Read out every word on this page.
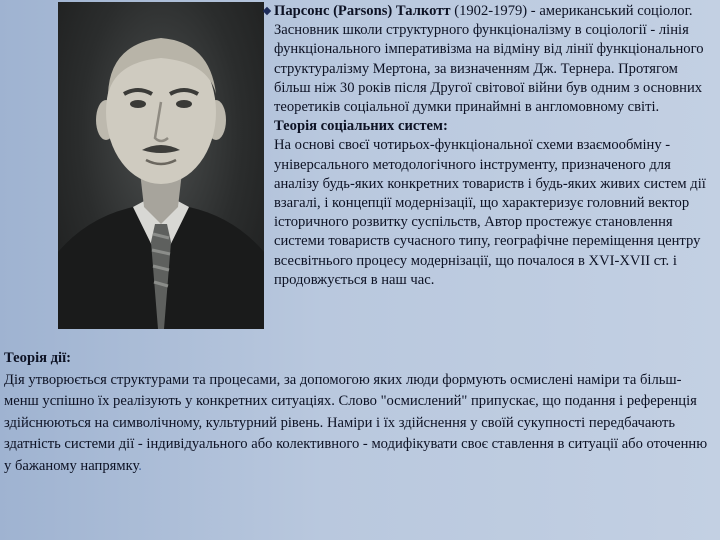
Парсонс (Parsons) Талкотт (1902-1979) - американський соціолог. Засновник школи структурного функціоналізму в соціології - лінія функціонального імперативізма на відміну від лінії функціонального структуралізму Мертона, за визначенням Дж. Тернера. Протягом більш ніж 30 років після Другої світової війни був одним з основних теоретиків соціальної думки принаймні в англомовному світі.

Теорія соціальних систем:

На основі своєї чотирьох-функціональної схеми взаємообміну - універсального методологічного інструменту, призначеного для аналізу будь-яких конкретних товариств і будь-яких живих систем дії взагалі, і концепції модернізації, що характеризує головний вектор історичного розвитку суспільств, Автор простежує становлення системи товариств сучасного типу, географічне переміщення центру всесвітнього процесу модернізації, що почалося в XVI-XVII ст. і продовжується в наш час.

Теорія дії:

Дія утворюється структурами та процесами, за допомогою яких люди формують осмислені наміри та більш-менш успішно їх реалізують у конкретних ситуаціях. Слово "осмислений" припускає, що подання і референція здійснюються на символічному, культурний рівень. Наміри і їх здійснення у своїй сукупності передбачають здатність системи дії - індивідуального або колективного - модифікувати своє ставлення в ситуації або оточенню у бажаному напрямку.
